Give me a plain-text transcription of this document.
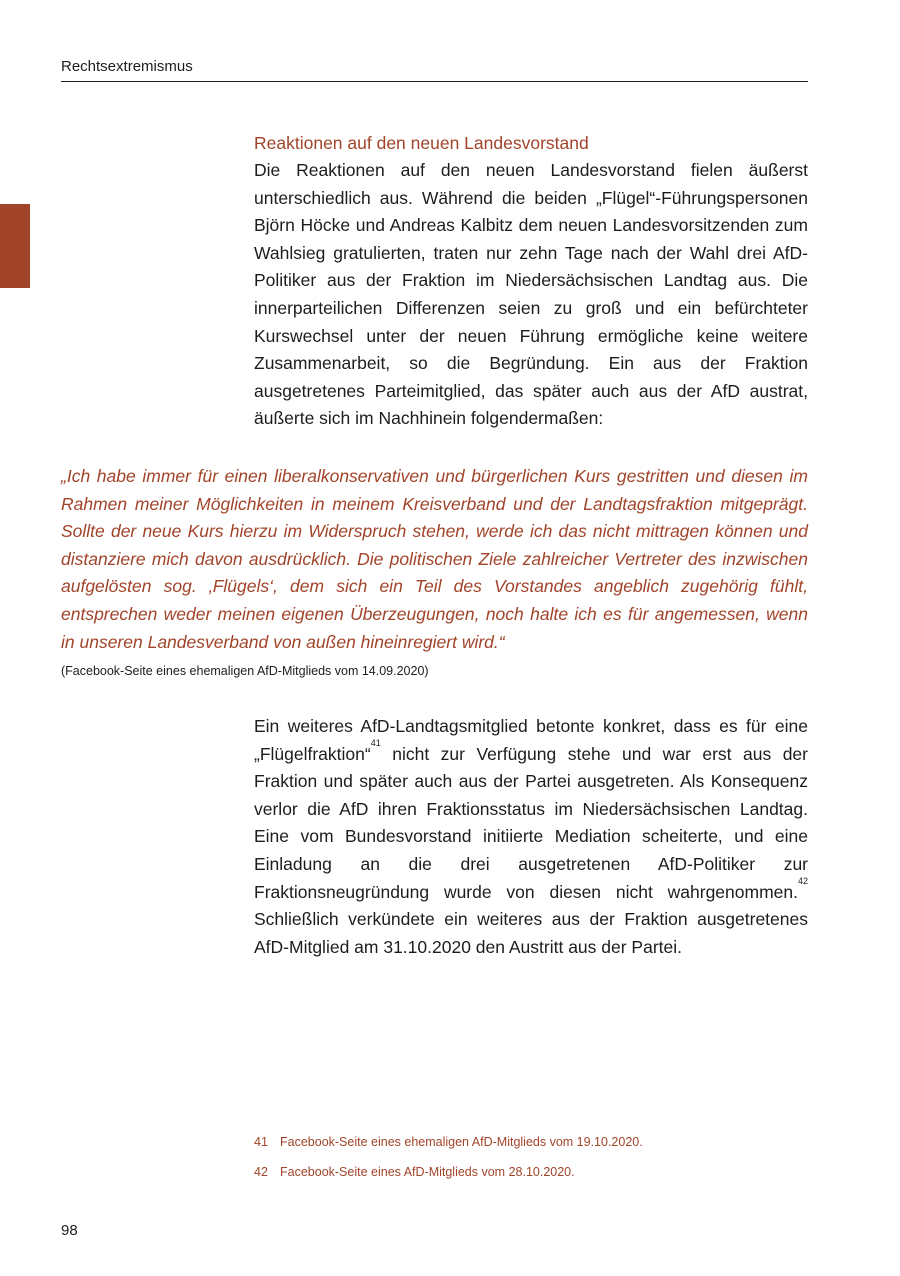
Rechtsextremismus
Reaktionen auf den neuen Landesvorstand
Die Reaktionen auf den neuen Landesvorstand fielen äußerst unterschiedlich aus. Während die beiden „Flügel“-Führungspersonen Björn Höcke und Andreas Kalbitz dem neuen Landesvorsitzenden zum Wahlsieg gratulierten, traten nur zehn Tage nach der Wahl drei AfD-Politiker aus der Fraktion im Niedersächsischen Landtag aus. Die innerparteilichen Differenzen seien zu groß und ein befürchteter Kurswechsel unter der neuen Führung ermögliche keine weitere Zusammenarbeit, so die Begründung. Ein aus der Fraktion ausgetretenes Parteimitglied, das später auch aus der AfD austrat, äußerte sich im Nachhinein folgendermaßen:
„Ich habe immer für einen liberalkonservativen und bürgerlichen Kurs gestritten und diesen im Rahmen meiner Möglichkeiten in meinem Kreisverband und der Landtagsfraktion mitgeprägt. Sollte der neue Kurs hierzu im Widerspruch stehen, werde ich das nicht mittragen können und distanziere mich davon ausdrücklich. Die politischen Ziele zahlreicher Vertreter des inzwischen aufgelösten sog. ‚Flügels‘, dem sich ein Teil des Vorstandes angeblich zugehörig fühlt, entsprechen weder meinen eigenen Überzeugungen, noch halte ich es für angemessen, wenn in unseren Landesverband von außen hineinregiert wird.“
(Facebook-Seite eines ehemaligen AfD-Mitglieds vom 14.09.2020)
Ein weiteres AfD-Landtagsmitglied betonte konkret, dass es für eine „Flügelfraktion“$^{41}$ nicht zur Verfügung stehe und war erst aus der Fraktion und später auch aus der Partei ausgetreten. Als Konsequenz verlor die AfD ihren Fraktionsstatus im Niedersächsischen Landtag. Eine vom Bundesvorstand initiierte Mediation scheiterte, und eine Einladung an die drei ausgetretenen AfD-Politiker zur Fraktionsneugründung wurde von diesen nicht wahrgenommen.$^{42}$ Schließlich verkündete ein weiteres aus der Fraktion ausgetretenes AfD-Mitglied am 31.10.2020 den Austritt aus der Partei.
41 Facebook-Seite eines ehemaligen AfD-Mitglieds vom 19.10.2020.
42 Facebook-Seite eines AfD-Mitglieds vom 28.10.2020.
98
